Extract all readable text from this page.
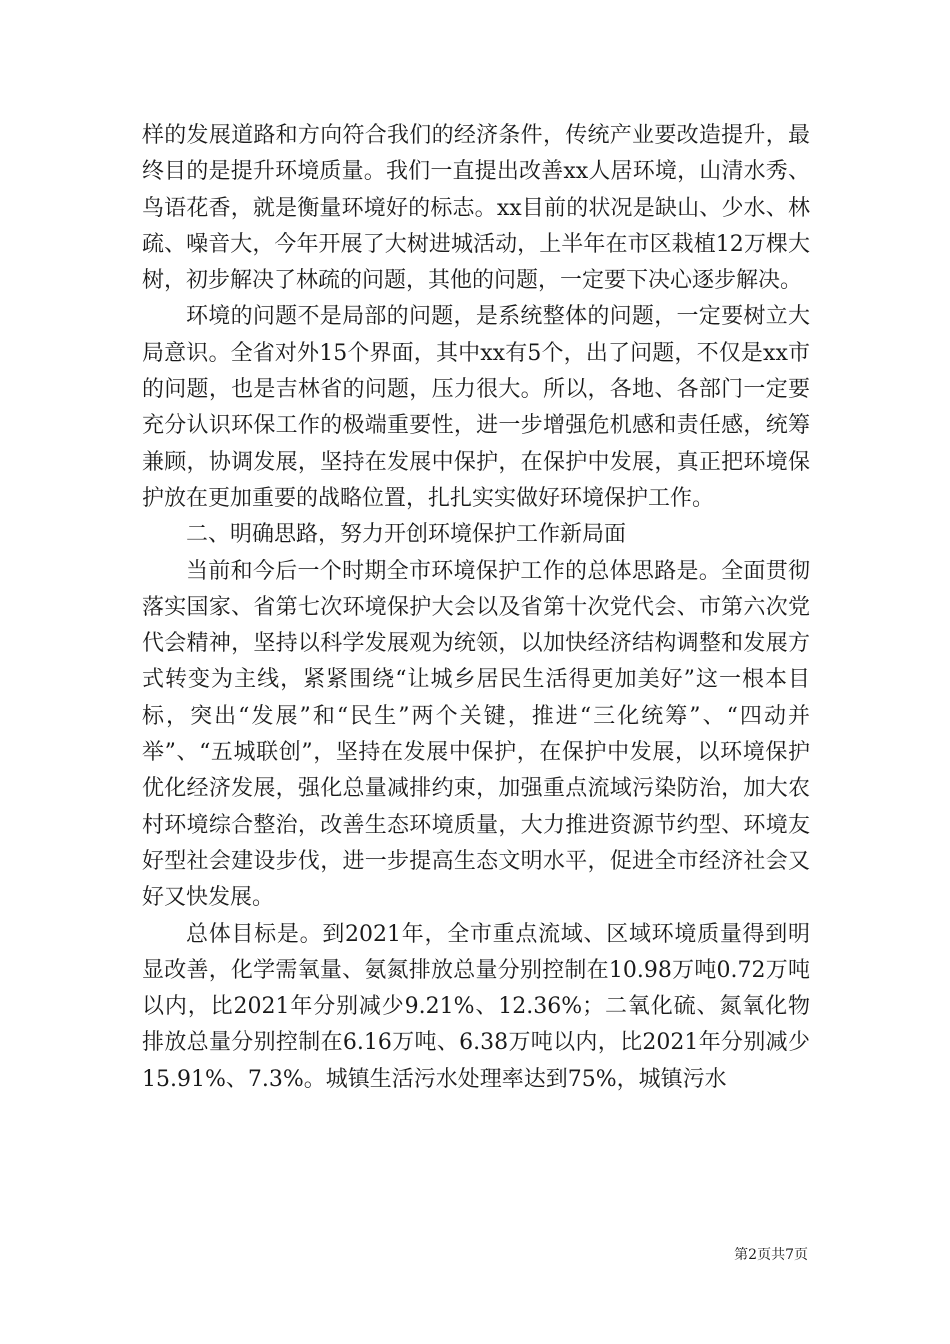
样的发展道路和方向符合我们的经济条件，传统产业要改造提升，最终目的是提升环境质量。我们一直提出改善xx人居环境，山清水秀、鸟语花香，就是衡量环境好的标志。xx目前的状况是缺山、少水、林疏、噪音大，今年开展了大树进城活动，上半年在市区栽植12万棵大树，初步解决了林疏的问题，其他的问题，一定要下决心逐步解决。

环境的问题不是局部的问题，是系统整体的问题，一定要树立大局意识。全省对外15个界面，其中xx有5个，出了问题，不仅是xx市的问题，也是吉林省的问题，压力很大。所以，各地、各部门一定要充分认识环保工作的极端重要性，进一步增强危机感和责任感，统筹兼顾，协调发展，坚持在发展中保护，在保护中发展，真正把环境保护放在更加重要的战略位置，扎扎实实做好环境保护工作。

二、明确思路，努力开创环境保护工作新局面

当前和今后一个时期全市环境保护工作的总体思路是。全面贯彻落实国家、省第七次环境保护大会以及省第十次党代会、市第六次党代会精神，坚持以科学发展观为统领，以加快经济结构调整和发展方式转变为主线，紧紧围绕“让城乡居民生活得更加美好”这一根本目标，突出“发展”和“民生”两个关键，推进“三化统筹”、“四动并举”、“五城联创”，坚持在发展中保护，在保护中发展，以环境保护优化经济发展，强化总量减排约束，加强重点流域污染防治，加大农村环境综合整治，改善生态环境质量，大力推进资源节约型、环境友好型社会建设步伐，进一步提高生态文明水平，促进全市经济社会又好又快发展。

总体目标是。到2021年，全市重点流域、区域环境质量得到明显改善，化学需氧量、氨氮排放总量分别控制在10.98万吨0.72万吨以内，比2021年分别减少9.21%、12.36%；二氧化硫、氮氧化物排放总量分别控制在6.16万吨、6.38万吨以内，比2021年分别减少15.91%、7.3%。城镇生活污水处理率达到75%，城镇污水

第2页共7页
